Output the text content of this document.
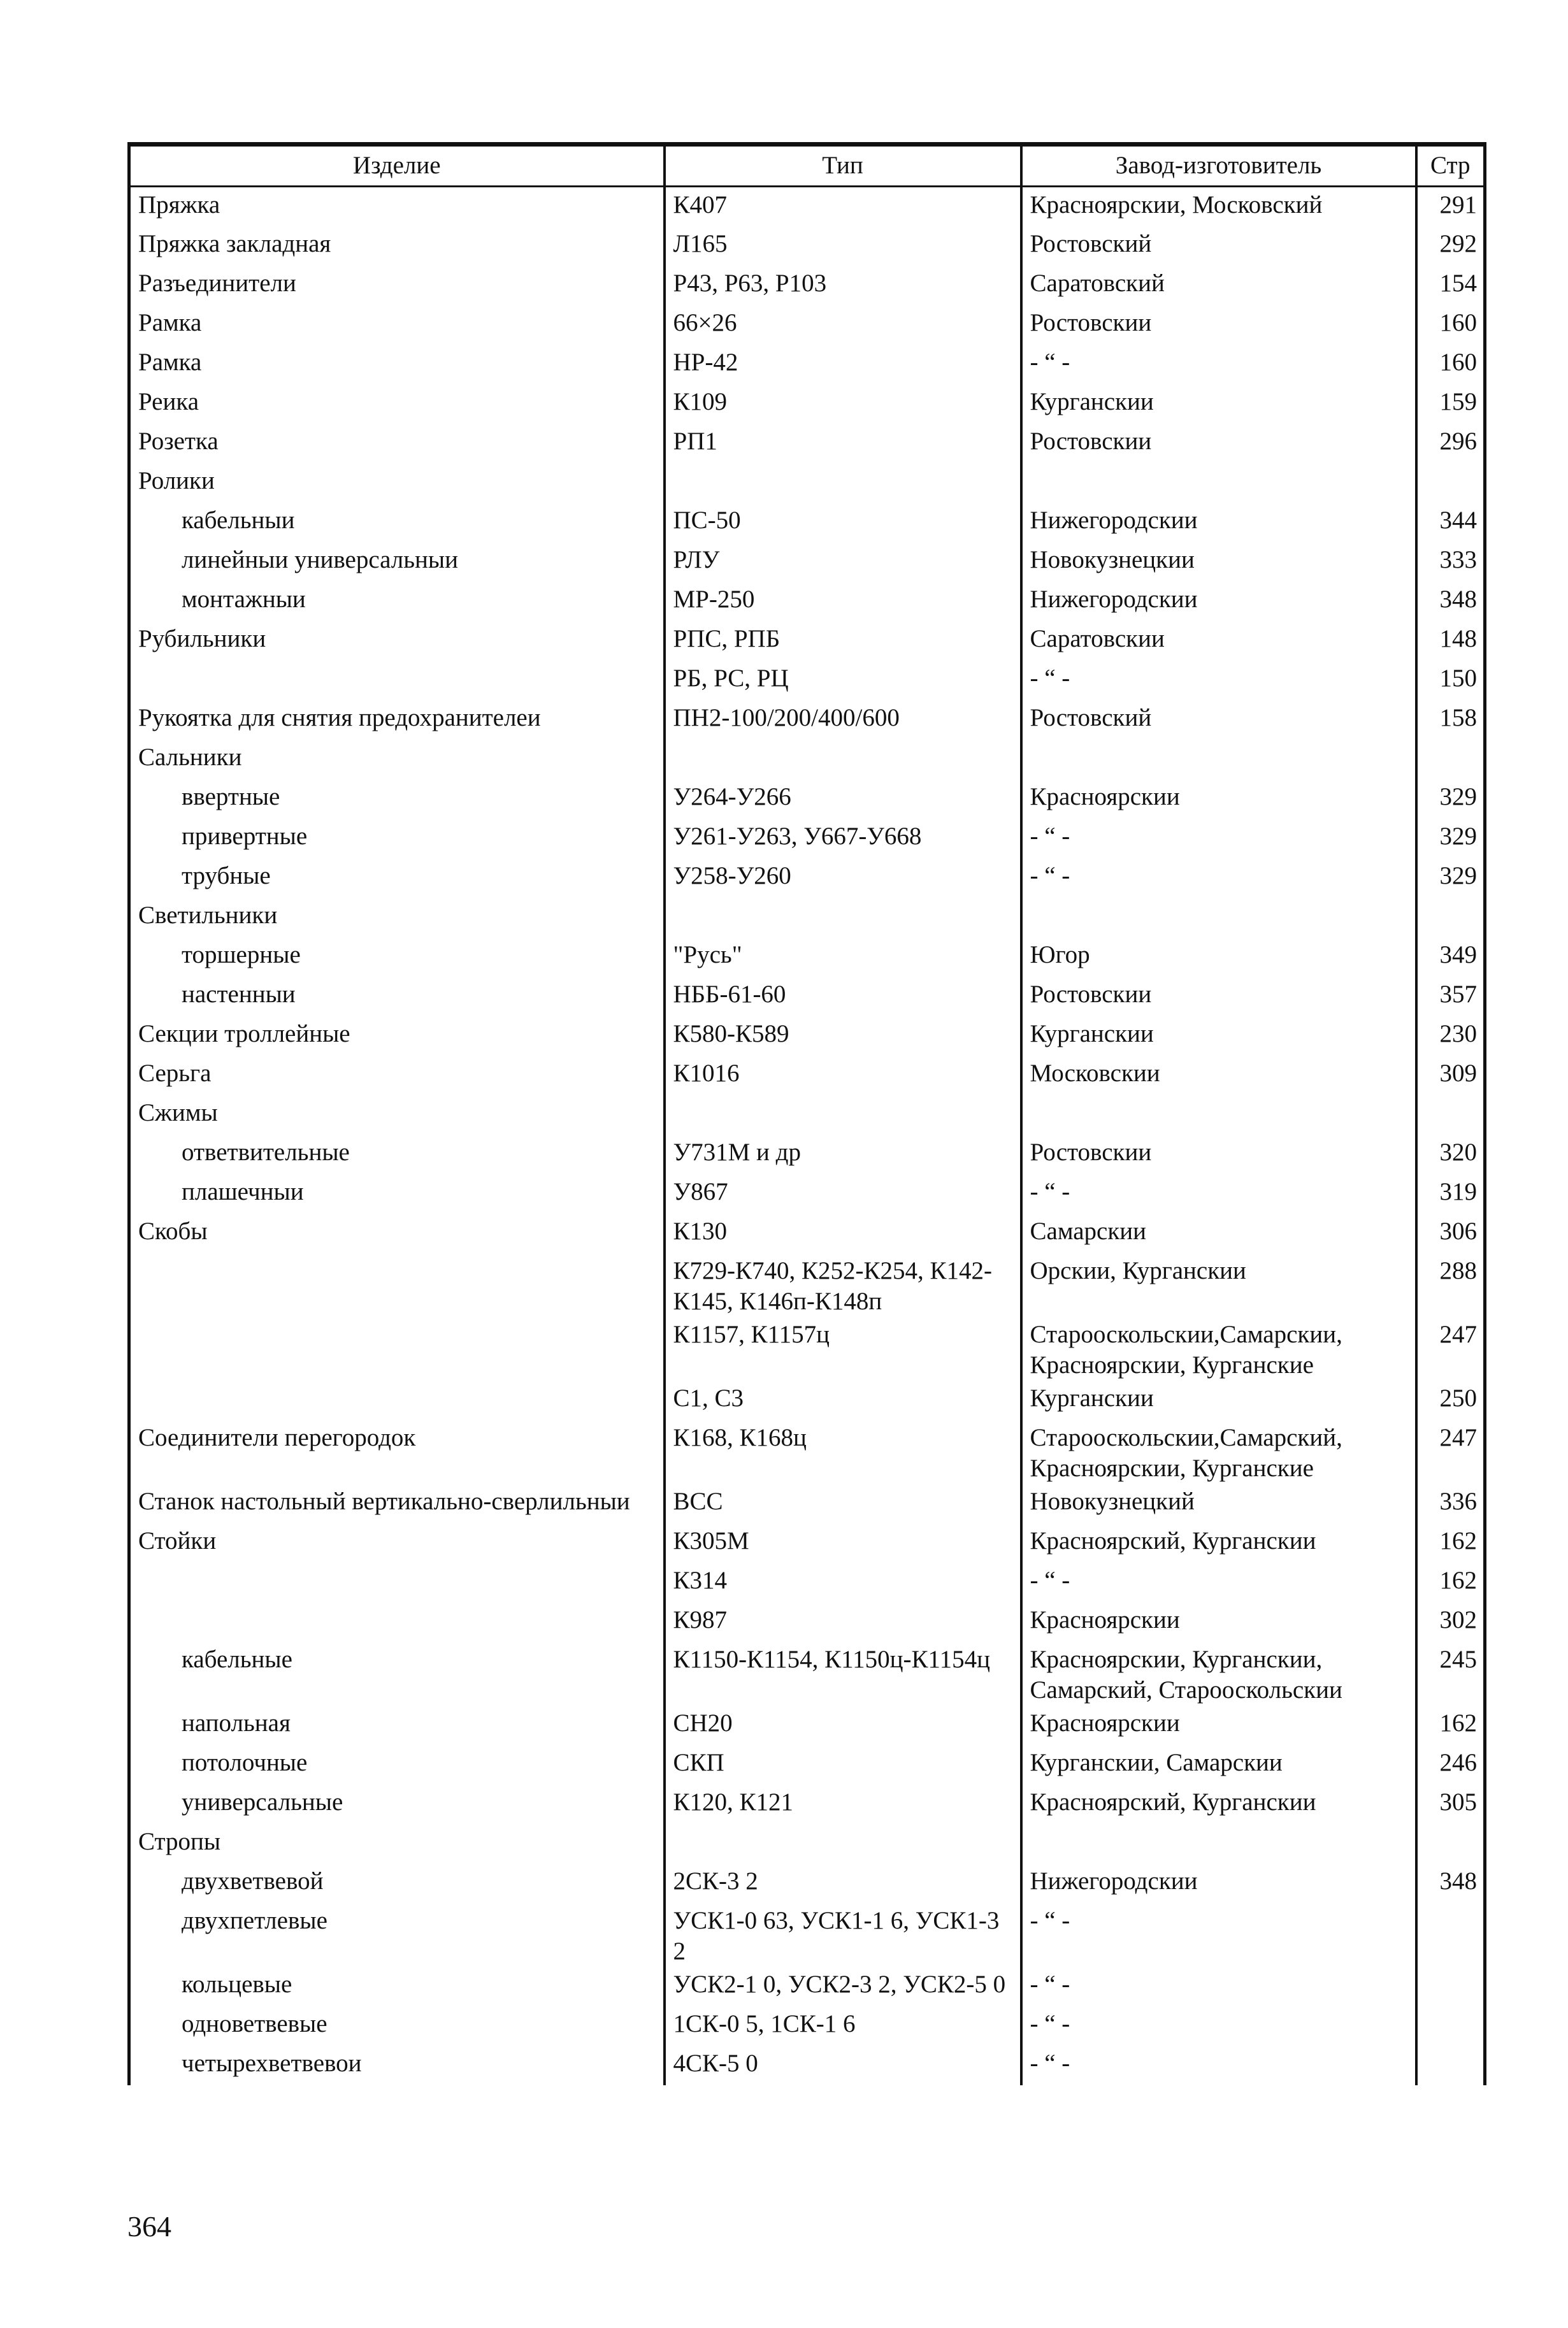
Изделие	Тип	Завод-изготовитель	Стр
Пряжка	К407	Красноярскии, Московский	291
Пряжка закладная	Л165	Ростовский	292
Разъединители	Р43, Р63, Р103	Саратовский	154
Рамка	66×26	Ростовскии	160
Рамка	НР-42	- “ -	160
Реика	К109	Курганскии	159
Розетка	РП1	Ростовскии	296
Ролики			
кабельныи	ПС-50	Нижегородскии	344
линейныи универсальныи	РЛУ	Новокузнецкии	333
монтажныи	МР-250	Нижегородскии	348
Рубильники	РПС, РПБ	Саратовскии	148
	РБ, РС, РЦ	- “ -	150
Рукоятка для снятия предохранителеи	ПН2-100/200/400/600	Ростовский	158
Сальники			
ввертные	У264-У266	Красноярскии	329
привертные	У261-У263, У667-У668	- “ -	329
трубные	У258-У260	- “ -	329
Светильники			
торшерные	"Русь"	Югор	349
настенныи	НББ-61-60	Ростовскии	357
Секции троллейные	К580-К589	Курганскии	230
Серьга	К1016	Московскии	309
Сжимы			
ответвительные	У731М и др	Ростовскии	320
плашечныи	У867	- “ -	319
Скобы	К130	Самарскии	306
	К729-К740, К252-К254, К142-К145, К146п-К148п	Орскии, Курганскии	288
	К1157, К1157ц	Старооскольскии,Самарскии, Красноярскии, Курганские	247
	С1, С3	Курганскии	250
Соединители перегородок	К168, К168ц	Старооскольскии,Самарский, Красноярскии, Курганские	247
Станок настольный вертикально-сверлильныи	ВСС	Новокузнецкий	336
Стойки	К305М	Красноярский, Курганскии	162
	К314	- “ -	162
	К987	Красноярскии	302
кабельные	К1150-К1154, К1150ц-К1154ц	Красноярскии, Курганскии, Самарский, Старооскольскии	245
напольная	СН20	Красноярскии	162
потолочные	СКП	Курганскии, Самарскии	246
универсальные	К120, К121	Красноярский, Курганскии	305
Стропы			
двухветвевой	2СК-3 2	Нижегородскии	348
двухпетлевые	УСК1-0 63, УСК1-1 6, УСК1-3 2	- “ -	
кольцевые	УСК2-1 0, УСК2-3 2, УСК2-5 0	- “ -	
одноветвевые	1СК-0 5, 1СК-1 6	- “ -	
четырехветвевои	4СК-5 0	- “ -	
364
